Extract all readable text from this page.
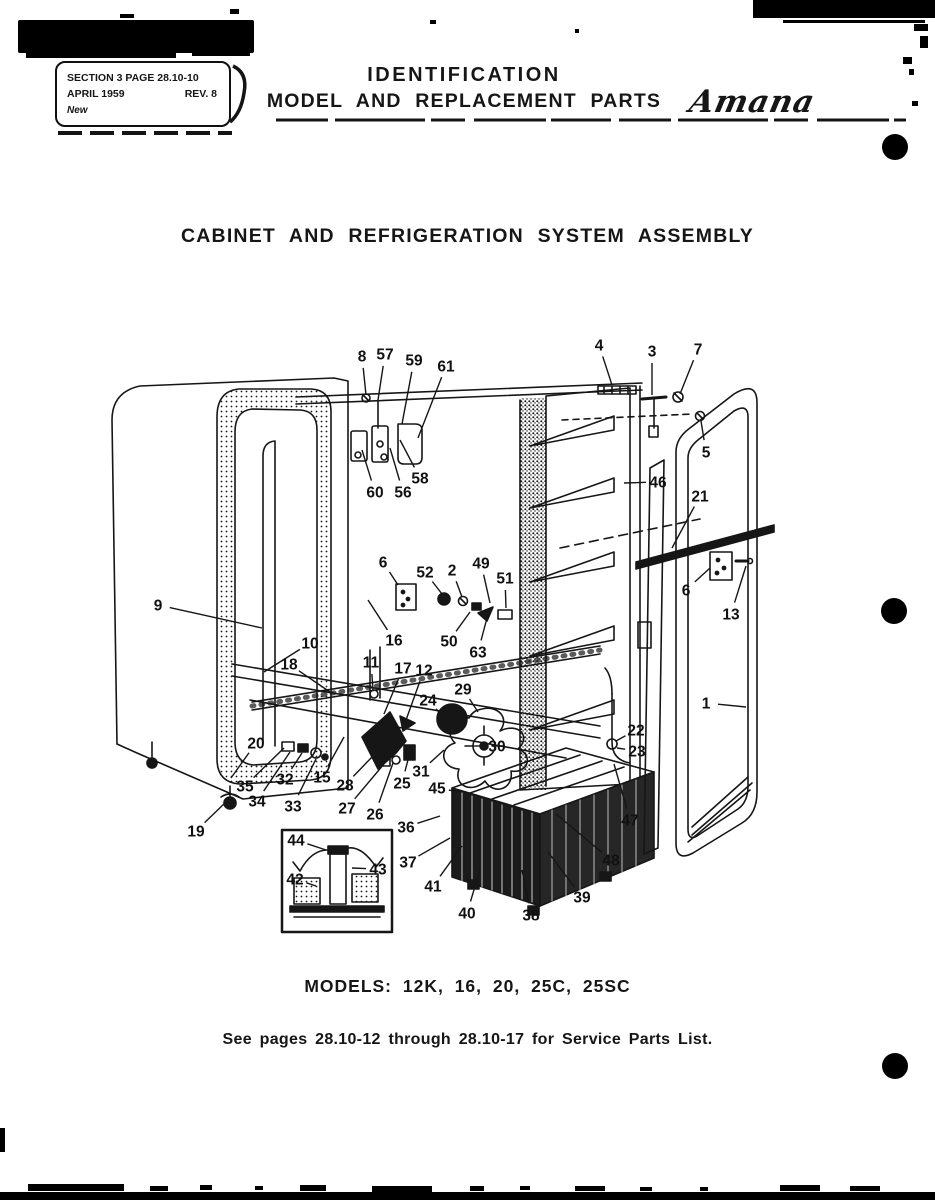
1
2
3
4
5
6
6
7
8
9
10
11 12
13
15
16
17
18
19
20
21
22
23
24
25
26
27
28
29
30
31
32
33
34
35
36
37
38
39
40
41
42
43
44
45
46
47
48
49
50
51
52
56
57
58
59
60
61
63
SECTION 3 PAGE 28.10-10
APRIL 1959	REV. 8
New
IDENTIFICATION
MODEL AND REPLACEMENT PARTS Amana
CABINET AND REFRIGERATION SYSTEM ASSEMBLY
MODELS: 12K, 16, 20, 25C, 25SC
See pages 28.10-12 through 28.10-17 for Service Parts List.
